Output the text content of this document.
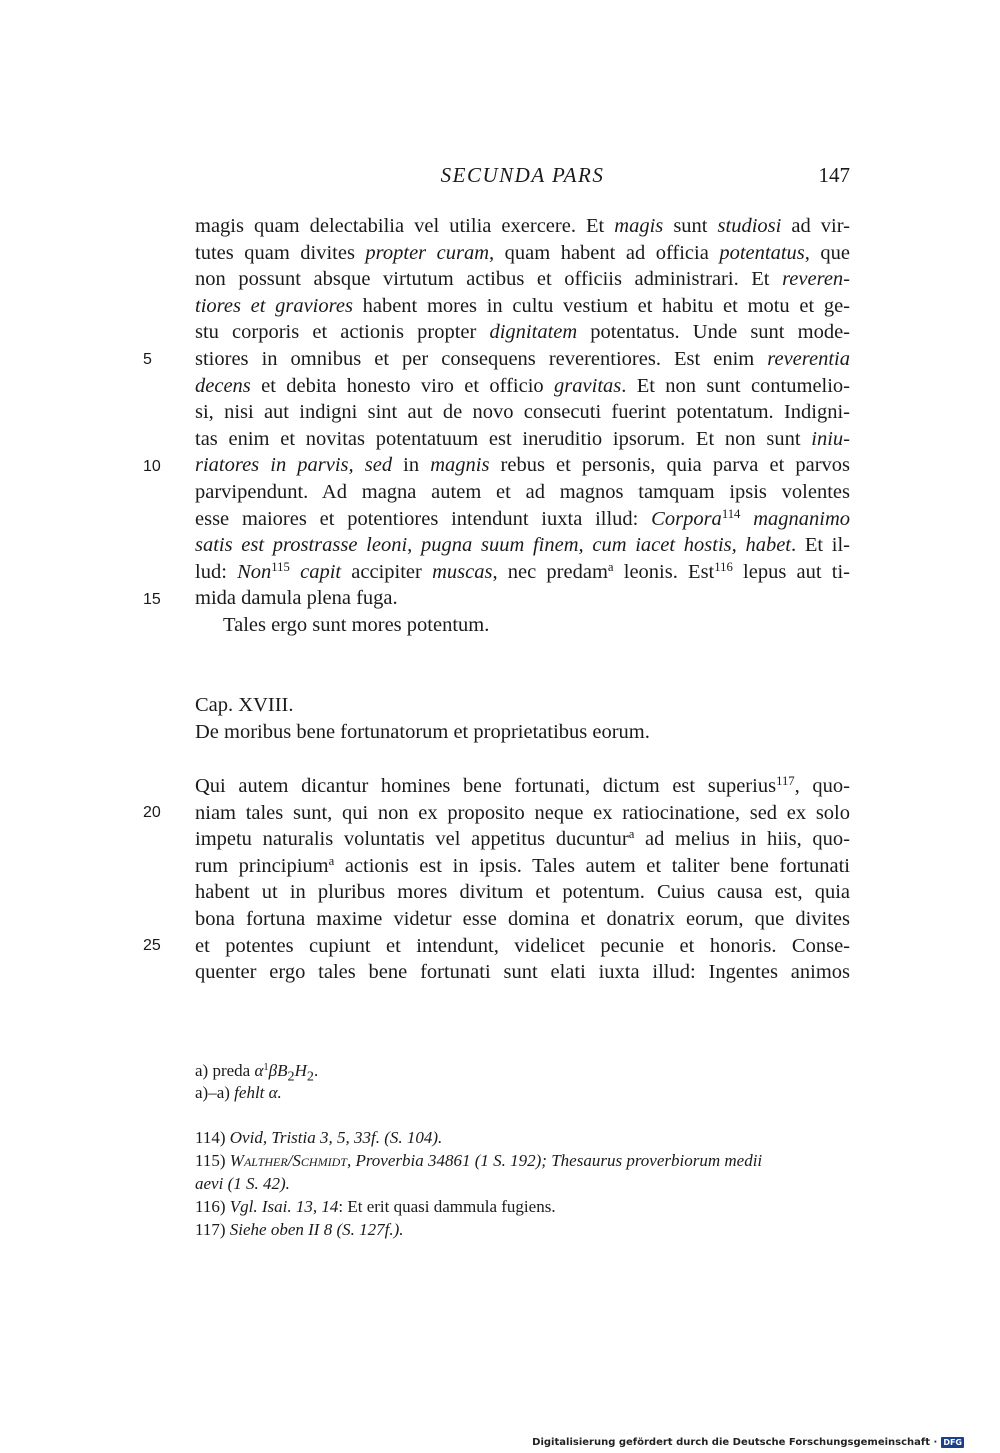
SECUNDA PARS	147
5
10
15
20
25
magis quam delectabilia vel utilia exercere. Et magis sunt studiosi ad vir-
tutes quam divites propter curam, quam habent ad officia potentatus, que
non possunt absque virtutum actibus et officiis administrari. Et reveren-
tiores et graviores habent mores in cultu vestium et habitu et motu et ge-
stu corporis et actionis propter dignitatem potentatus. Unde sunt mode-
stiores in omnibus et per consequens reverentiores. Est enim reverentia
decens et debita honesto viro et officio gravitas. Et non sunt contumelio-
si, nisi aut indigni sint aut de novo consecuti fuerint potentatum. Indigni-
tas enim et novitas potentatuum est ineruditio ipsorum. Et non sunt iniu-
riatores in parvis, sed in magnis rebus et personis, quia parva et parvos
parvipendunt. Ad magna autem et ad magnos tamquam ipsis volentes
esse maiores et potentiores intendunt iuxta illud: Corpora$^{114}$ magnanimo
satis est prostrasse leoni, pugna suum finem, cum iacet hostis, habet. Et il-
lud: Non$^{115}$ capit accipiter muscas, nec predam$^a$ leonis. Est$^{116}$ lepus aut ti-
mida damula plena fuga.
Tales ergo sunt mores potentum.
Cap. XVIII.
De moribus bene fortunatorum et proprietatibus eorum.
Qui autem dicantur homines bene fortunati, dictum est superius$^{117}$, quo-
niam tales sunt, qui non ex proposito neque ex ratiocinatione, sed ex solo
impetu naturalis voluntatis vel appetitus ducuntur$^a$ ad melius in hiis, quo-
rum principium$^a$ actionis est in ipsis. Tales autem et taliter bene fortunati
habent ut in pluribus mores divitum et potentum. Cuius causa est, quia
bona fortuna maxime videtur esse domina et donatrix eorum, que divites
et potentes cupiunt et intendunt, videlicet pecunie et honoris. Conse-
quenter ergo tales bene fortunati sunt elati iuxta illud: Ingentes animos
a) preda $\alpha^1\beta B_2H_2$.
a)–a) fehlt α.
114) Ovid, Tristia 3, 5, 33f. (S. 104).
115) Walther/Schmidt, Proverbia 34861 (1 S. 192); Thesaurus proverbiorum medii
aevi (1 S. 42).
116) Vgl. Isai. 13, 14: Et erit quasi dammula fugiens.
117) Siehe oben II 8 (S. 127f.).
Digitalisierung gefördert durch die Deutsche Forschungsgemeinschaft · DFG
